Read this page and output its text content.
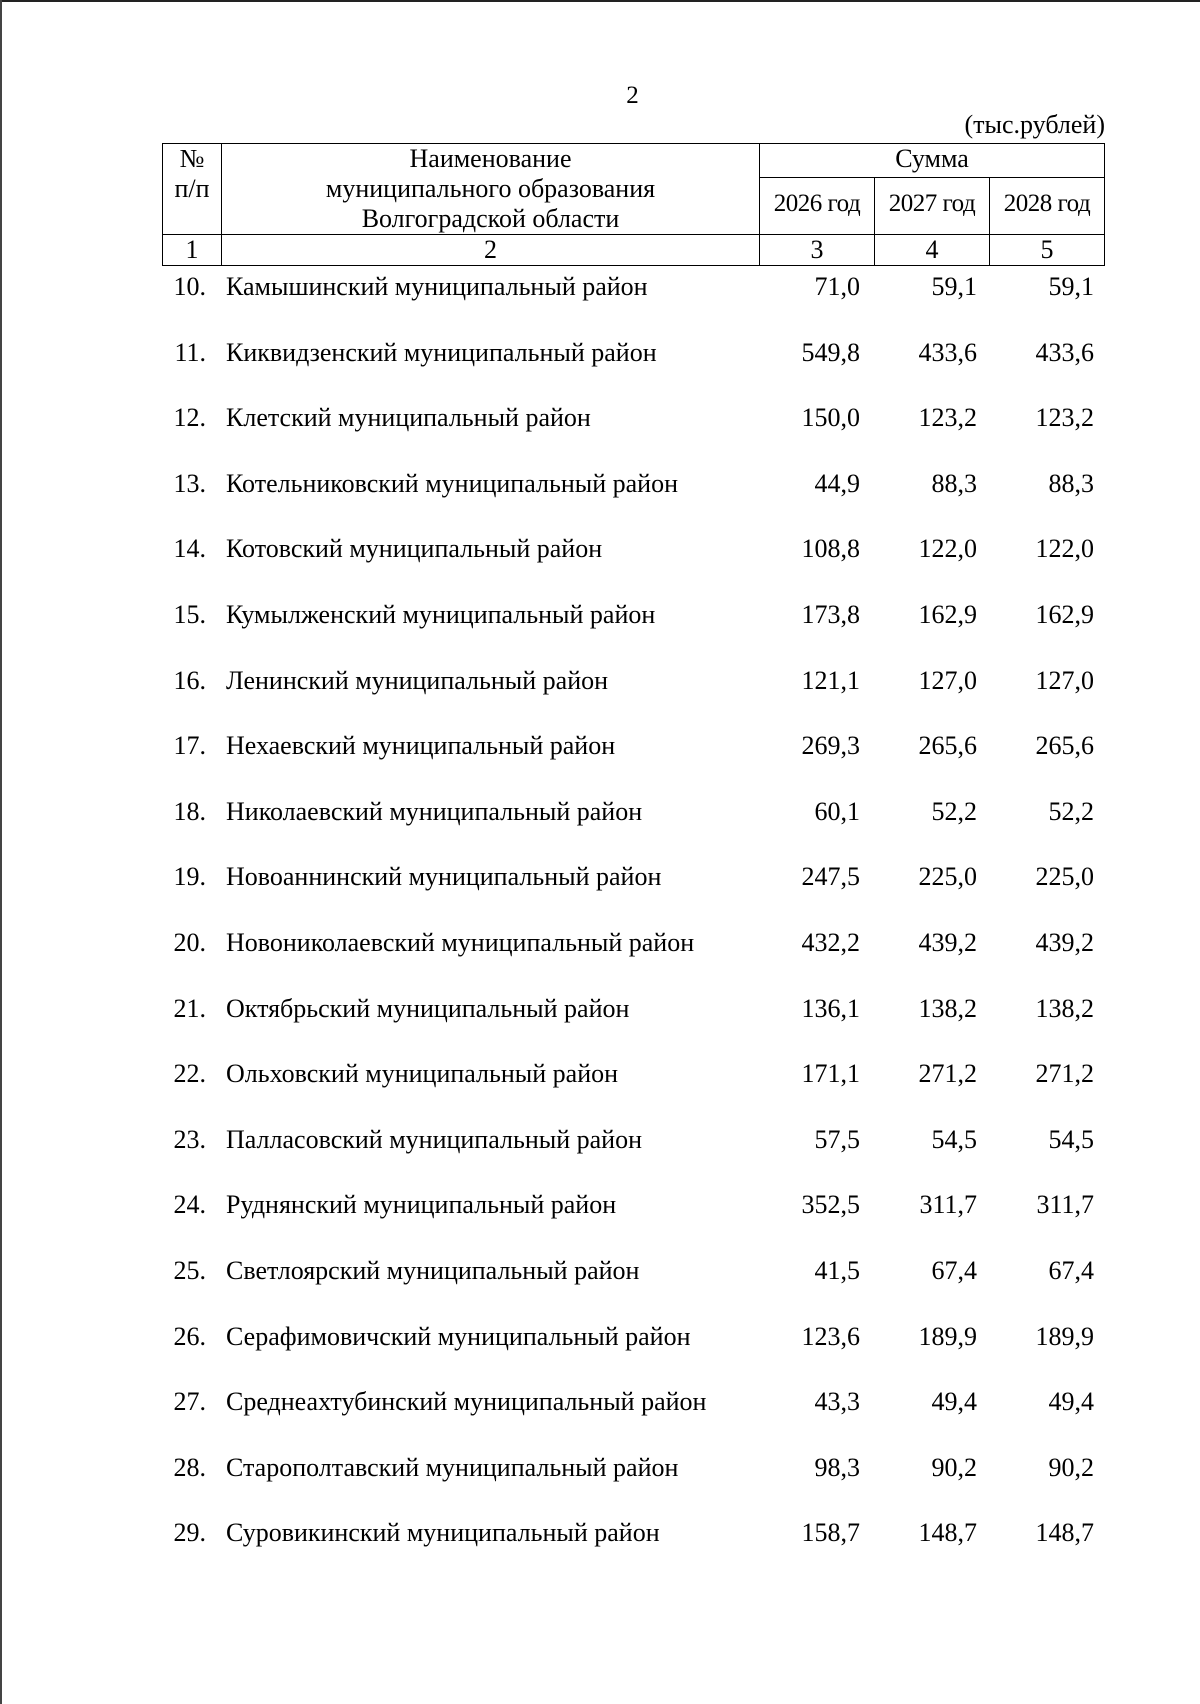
2
(тыс.рублей)
№
п/п	Наименование
муниципального образования
Волгоградской области	Сумма		
		2026 год	2027 год	2028 год
1	2	3	4	5
10. Камышинский муниципальный район	71,0	59,1	59,1
11. Киквидзенский муниципальный район	549,8	433,6	433,6
12. Клетский муниципальный район	150,0	123,2	123,2
13. Котельниковский муниципальный район	44,9	88,3	88,3
14. Котовский муниципальный район	108,8	122,0	122,0
15. Кумылженский муниципальный район	173,8	162,9	162,9
16. Ленинский муниципальный район	121,1	127,0	127,0
17. Нехаевский муниципальный район	269,3	265,6	265,6
18. Николаевский муниципальный район	60,1	52,2	52,2
19. Новоаннинский муниципальный район	247,5	225,0	225,0
20. Новониколаевский муниципальный район	432,2	439,2	439,2
21. Октябрьский муниципальный район	136,1	138,2	138,2
22. Ольховский муниципальный район	171,1	271,2	271,2
23. Палласовский муниципальный район	57,5	54,5	54,5
24. Руднянский муниципальный район	352,5	311,7	311,7
25. Светлоярский муниципальный район	41,5	67,4	67,4
26. Серафимовичский муниципальный район	123,6	189,9	189,9
27. Среднеахтубинский муниципальный район	43,3	49,4	49,4
28. Старополтавский муниципальный район	98,3	90,2	90,2
29. Суровикинский муниципальный район	158,7	148,7	148,7
